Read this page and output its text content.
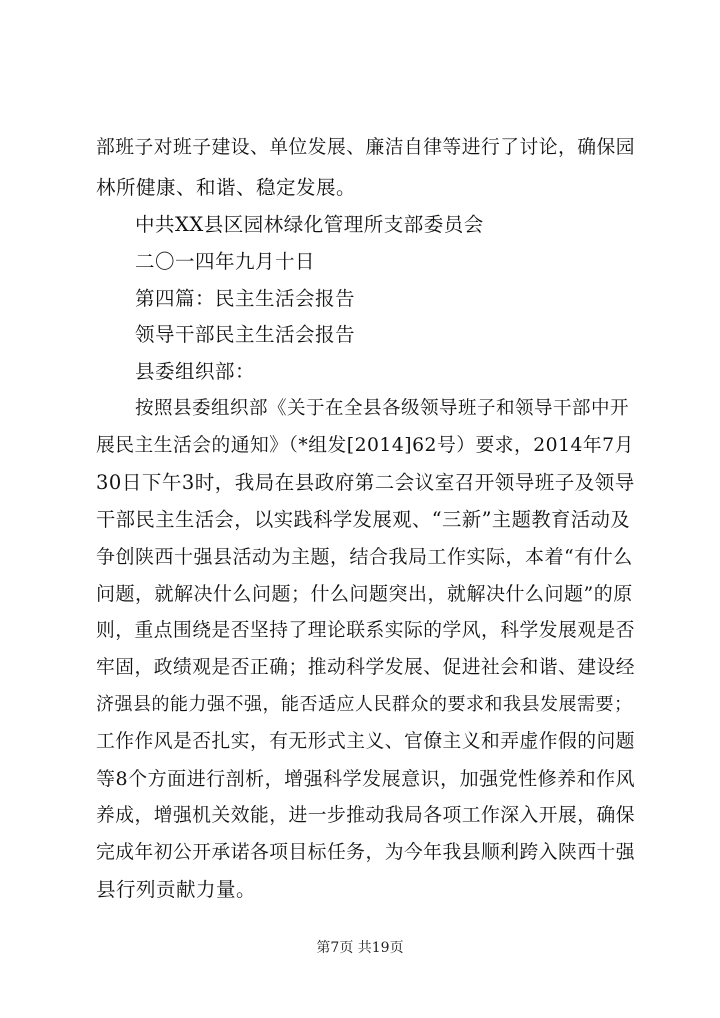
部班子对班子建设、单位发展、廉洁自律等进行了讨论，确保园
林所健康、和谐、稳定发展。
中共XX县区园林绿化管理所支部委员会
二〇一四年九月十日
第四篇：民主生活会报告
领导干部民主生活会报告
县委组织部：
按照县委组织部《关于在全县各级领导班子和领导干部中开
展民主生活会的通知》（*组发[2014]62号）要求，2014年7月
30日下午3时，我局在县政府第二会议室召开领导班子及领导
干部民主生活会，以实践科学发展观、“三新”主题教育活动及
争创陕西十强县活动为主题，结合我局工作实际，本着“有什么
问题，就解决什么问题；什么问题突出，就解决什么问题”的原
则，重点围绕是否坚持了理论联系实际的学风，科学发展观是否
牢固，政绩观是否正确；推动科学发展、促进社会和谐、建设经
济强县的能力强不强，能否适应人民群众的要求和我县发展需要；
工作作风是否扎实，有无形式主义、官僚主义和弄虚作假的问题
等8个方面进行剖析，增强科学发展意识，加强党性修养和作风
养成，增强机关效能，进一步推动我局各项工作深入开展，确保
完成年初公开承诺各项目标任务，为今年我县顺利跨入陕西十强
县行列贡献力量。
第7页 共19页
